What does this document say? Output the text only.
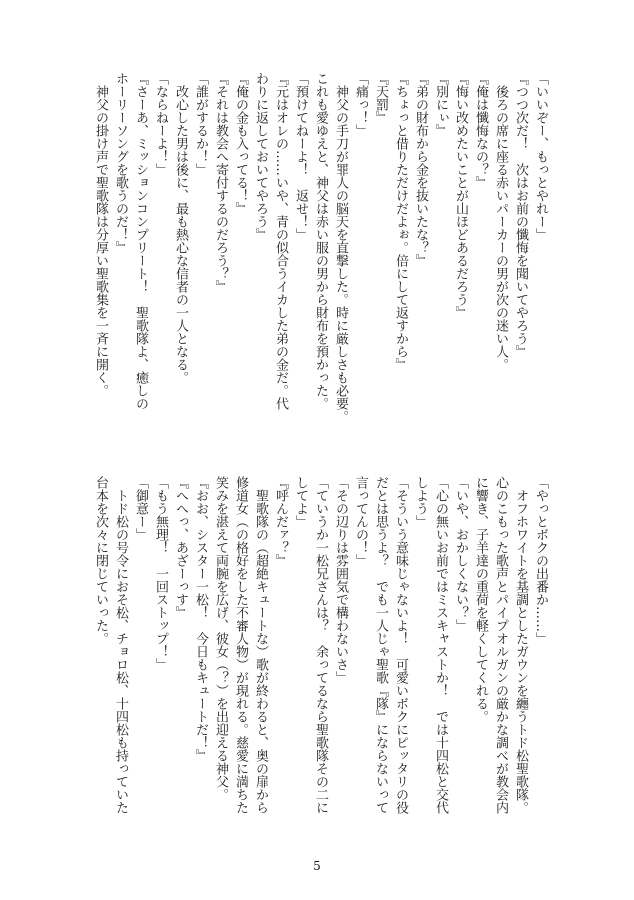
「いいぞー、もっとやれー」
『つつ次だ！　次はお前の懺悔を聞いてやろう』
　後ろの席に座る赤いパーカーの男が次の迷い人。
『俺は懺悔なの？』
『悔い改めたいことが山ほどあるだろう』
『別にぃ』
『弟の財布から金を抜いたな？』
『ちょっと借りただけだよぉ。倍にして返すから』
『天罰』
「痛っ！」
　神父の手刀が罪人の脳天を直撃した。時に厳しさも必要。
これも愛ゆえと、神父は赤い服の男から財布を預かった。
「預けてねーよ！　返せ！」
『元はオレの……いや、青の似合うイカした弟の金だ。代
わりに返しておいてやろう』
『俺の金も入ってる！』
『それは教会へ寄付するのだろう？』
「誰がするか！」
　改心した男は後に、最も熱心な信者の一人となる。
「ならねーよ！」
『さーあ、ミッションコンプリート！　聖歌隊よ、癒しの
ホーリーソングを歌うのだ！』
　神父の掛け声で聖歌隊は分厚い聖歌集を一斉に開く。
「やっとボクの出番か……」
　オフホワイトを基調としたガウンを纏うトド松聖歌隊。
心のこもった歌声とパイプオルガンの厳かな調べが教会内
に響き、子羊達の重荷を軽くしてくれる。
「いや、おかしくない？」
「心の無いお前ではミスキャストか！　では十四松と交代
しよう」
「そういう意味じゃないよ！　可愛いボクにピッタリの役
だとは思うよ？　でも一人じゃ聖歌『隊』にならないって
言ってんの！」
「その辺りは雰囲気で構わないさ」
「ていうか一松兄さんは？　余ってるなら聖歌隊その二に
してよ」
『呼んだァ？』
　聖歌隊の（超絶キュートな）歌が終わると、奥の扉から
修道女（の格好をした不審人物）が現れる。慈愛に満ちた
笑みを湛えて両腕を広げ、彼女（？）を出迎える神父。
『おお、シスター一松！　今日もキュートだ！』
『へへっ、あざーっす』
「もう無理！　一回ストップ！」
「御意ー」
　トド松の号令におそ松、チョロ松、十四松も持っていた
台本を次々に閉じていった。
5
